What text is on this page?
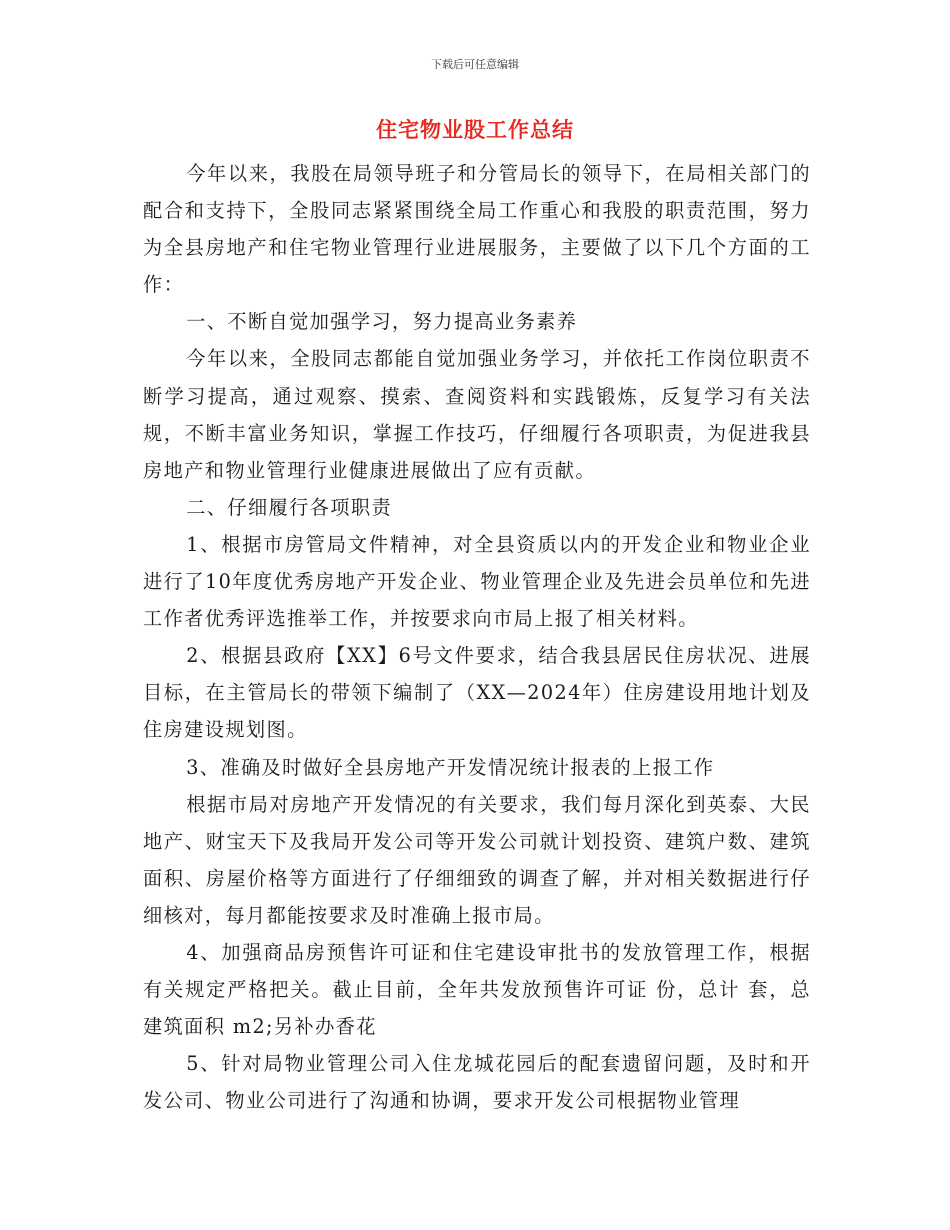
下载后可任意编辑
住宅物业股工作总结

今年以来，我股在局领导班子和分管局长的领导下，在局相关部门的配合和支持下，全股同志紧紧围绕全局工作重心和我股的职责范围，努力为全县房地产和住宅物业管理行业进展服务，主要做了以下几个方面的工作：

一、不断自觉加强学习，努力提高业务素养

今年以来，全股同志都能自觉加强业务学习，并依托工作岗位职责不断学习提高，通过观察、摸索、查阅资料和实践锻炼，反复学习有关法规，不断丰富业务知识，掌握工作技巧，仔细履行各项职责，为促进我县房地产和物业管理行业健康进展做出了应有贡献。

二、仔细履行各项职责

1、根据市房管局文件精神，对全县资质以内的开发企业和物业企业进行了10年度优秀房地产开发企业、物业管理企业及先进会员单位和先进工作者优秀评选推举工作，并按要求向市局上报了相关材料。

2、根据县政府【XX】6号文件要求，结合我县居民住房状况、进展目标，在主管局长的带领下编制了（XX—2024年）住房建设用地计划及住房建设规划图。

3、准确及时做好全县房地产开发情况统计报表的上报工作

根据市局对房地产开发情况的有关要求，我们每月深化到英泰、大民地产、财宝天下及我局开发公司等开发公司就计划投资、建筑户数、建筑面积、房屋价格等方面进行了仔细细致的调查了解，并对相关数据进行仔细核对，每月都能按要求及时准确上报市局。

4、加强商品房预售许可证和住宅建设审批书的发放管理工作，根据有关规定严格把关。截止目前，全年共发放预售许可证 份，总计 套，总建筑面积 m2;另补办香花

5、针对局物业管理公司入住龙城花园后的配套遗留问题，及时和开发公司、物业公司进行了沟通和协调，要求开发公司根据物业管理
